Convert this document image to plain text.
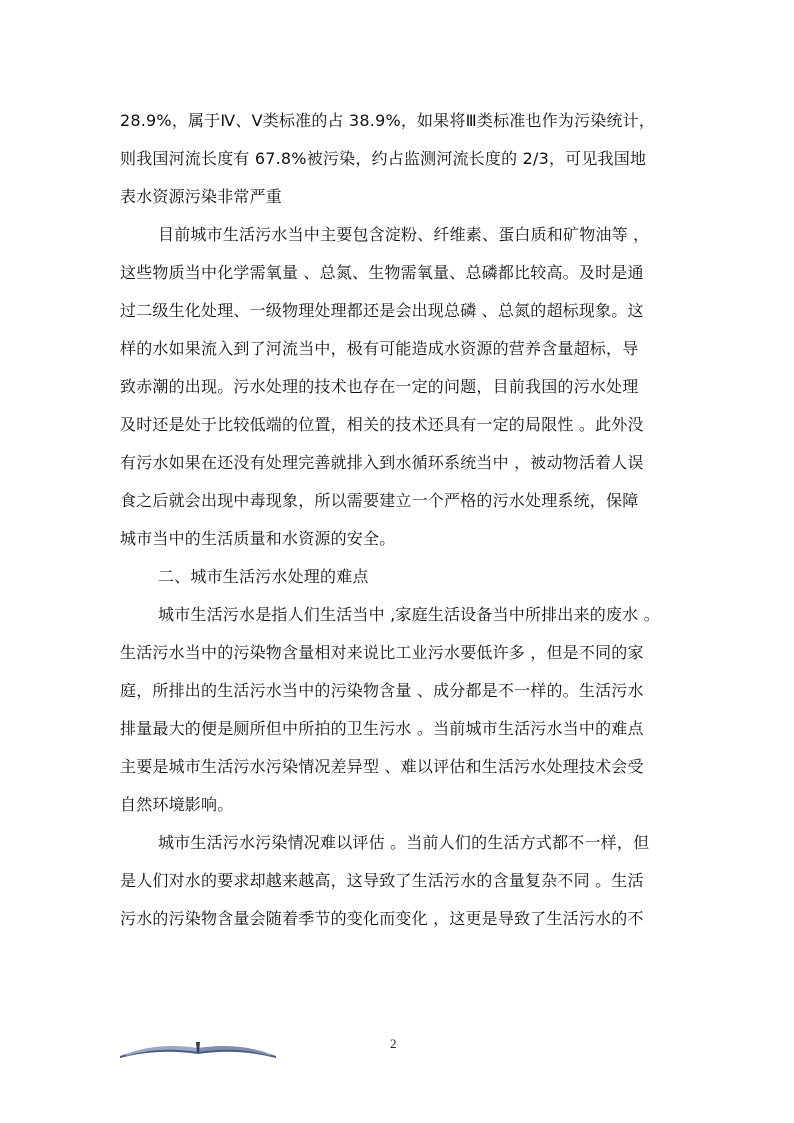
28.9%，属于Ⅳ、Ⅴ类标准的占 38.9%，如果将Ⅲ类标准也作为污染统计，
则我国河流长度有 67.8%被污染，约占监测河流长度的 2/3，可见我国地
表水资源污染非常严重
目前城市生活污水当中主要包含淀粉、纤维素、蛋白质和矿物油等 ，
这些物质当中化学需氧量 、总氮、生物需氧量、总磷都比较高。及时是通
过二级生化处理、一级物理处理都还是会出现总磷 、总氮的超标现象。这
样的水如果流入到了河流当中，极有可能造成水资源的营养含量超标，导
致赤潮的出现。污水处理的技术也存在一定的问题，目前我国的污水处理
及时还是处于比较低端的位置，相关的技术还具有一定的局限性 。此外没
有污水如果在还没有处理完善就排入到水循环系统当中 ，被动物活着人误
食之后就会出现中毒现象，所以需要建立一个严格的污水处理系统，保障
城市当中的生活质量和水资源的安全。
二、城市生活污水处理的难点
城市生活污水是指人们生活当中 ,家庭生活设备当中所排出来的废水 。
生活污水当中的污染物含量相对来说比工业污水要低许多 ，但是不同的家
庭，所排出的生活污水当中的污染物含量 、成分都是不一样的。生活污水
排量最大的便是厕所但中所拍的卫生污水 。当前城市生活污水当中的难点
主要是城市生活污水污染情况差异型 、难以评估和生活污水处理技术会受
自然环境影响。
城市生活污水污染情况难以评估 。当前人们的生活方式都不一样，但
是人们对水的要求却越来越高，这导致了生活污水的含量复杂不同 。生活
污水的污染物含量会随着季节的变化而变化 ，这更是导致了生活污水的不
2
